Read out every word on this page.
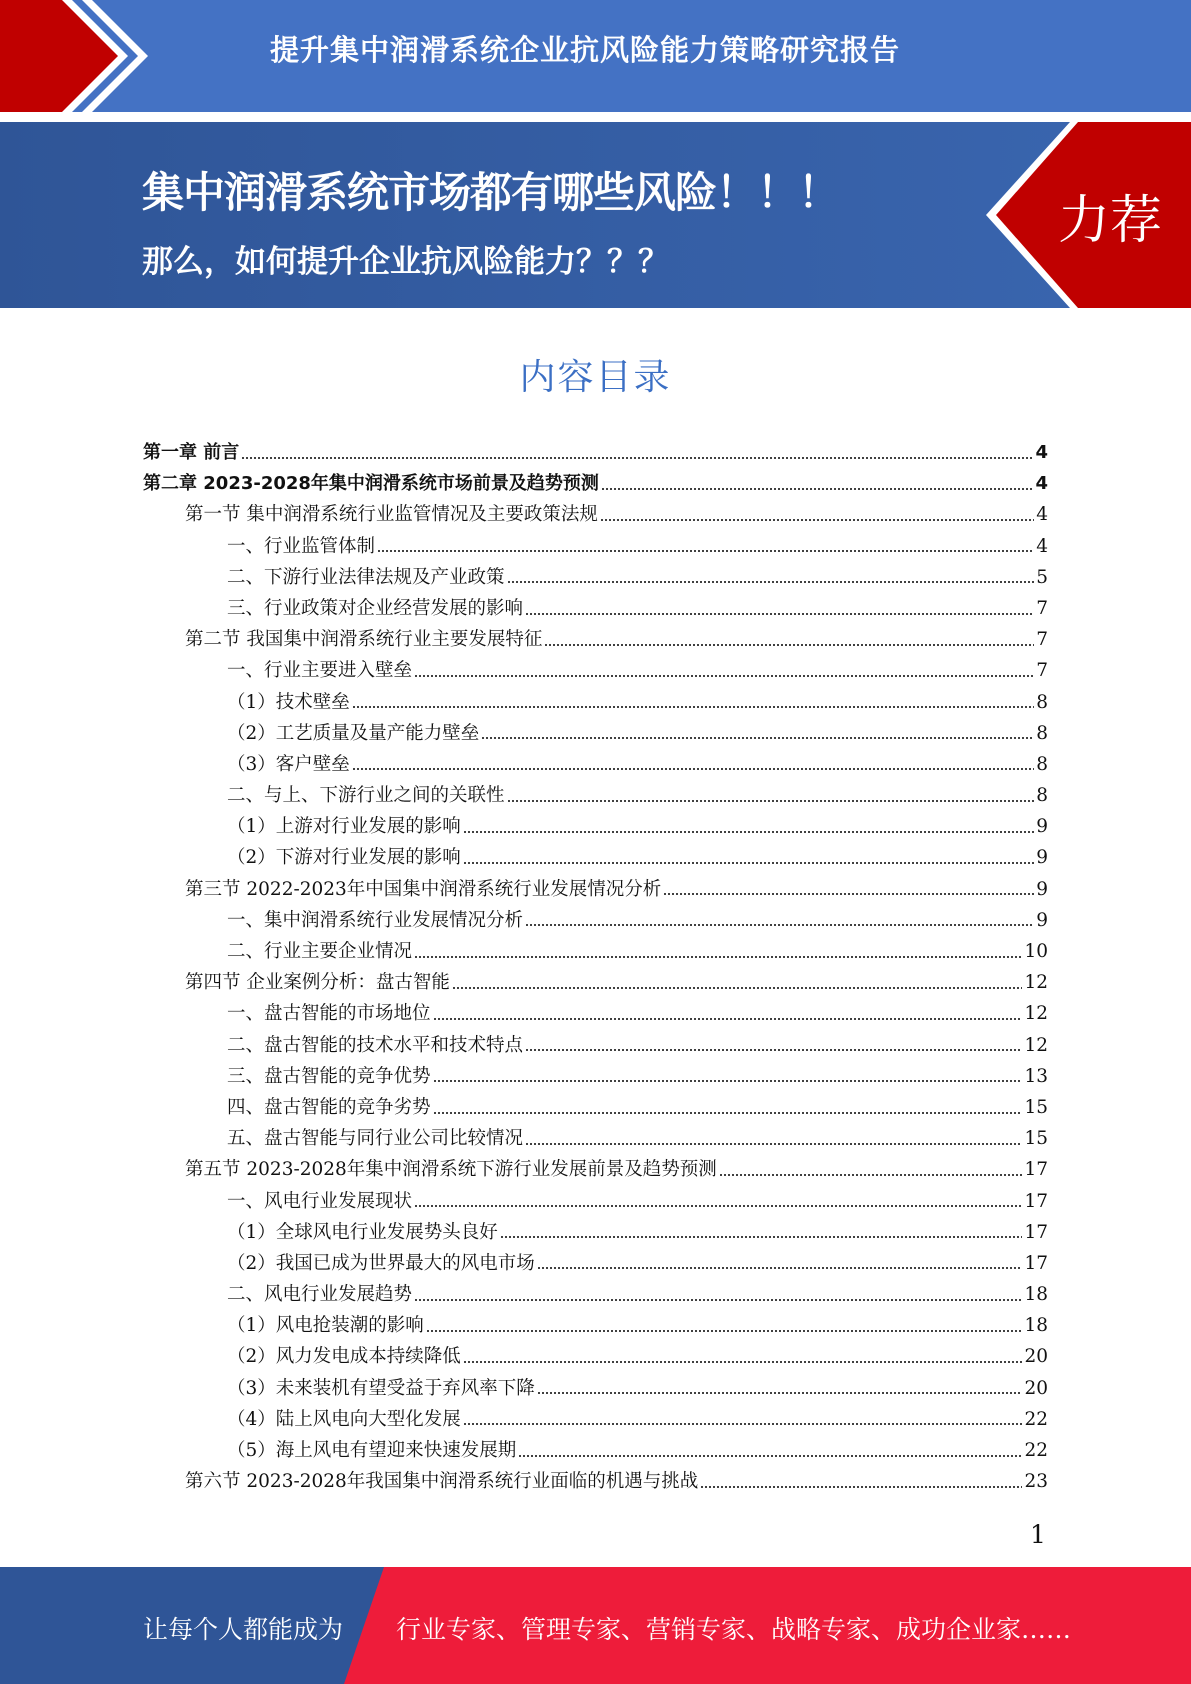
提升集中润滑系统企业抗风险能力策略研究报告
集中润滑系统市场都有哪些风险！！！
那么，如何提升企业抗风险能力？？？
力荐
内容目录
第一章 前言	4
第二章 2023-2028年集中润滑系统市场前景及趋势预测	4
第一节 集中润滑系统行业监管情况及主要政策法规	4
一、行业监管体制	4
二、下游行业法律法规及产业政策	5
三、行业政策对企业经营发展的影响	7
第二节 我国集中润滑系统行业主要发展特征	7
一、行业主要进入壁垒	7
（1）技术壁垒	8
（2）工艺质量及量产能力壁垒	8
（3）客户壁垒	8
二、与上、下游行业之间的关联性	8
（1）上游对行业发展的影响	9
（2）下游对行业发展的影响	9
第三节 2022-2023年中国集中润滑系统行业发展情况分析	9
一、集中润滑系统行业发展情况分析	9
二、行业主要企业情况	10
第四节 企业案例分析：盘古智能	12
一、盘古智能的市场地位	12
二、盘古智能的技术水平和技术特点	12
三、盘古智能的竞争优势	13
四、盘古智能的竞争劣势	15
五、盘古智能与同行业公司比较情况	15
第五节 2023-2028年集中润滑系统下游行业发展前景及趋势预测	17
一、风电行业发展现状	17
（1）全球风电行业发展势头良好	17
（2）我国已成为世界最大的风电市场	17
二、风电行业发展趋势	18
（1）风电抢装潮的影响	18
（2）风力发电成本持续降低	20
（3）未来装机有望受益于弃风率下降	20
（4）陆上风电向大型化发展	22
（5）海上风电有望迎来快速发展期	22
第六节 2023-2028年我国集中润滑系统行业面临的机遇与挑战	23
1
让每个人都能成为 行业专家、管理专家、营销专家、战略专家、成功企业家……
